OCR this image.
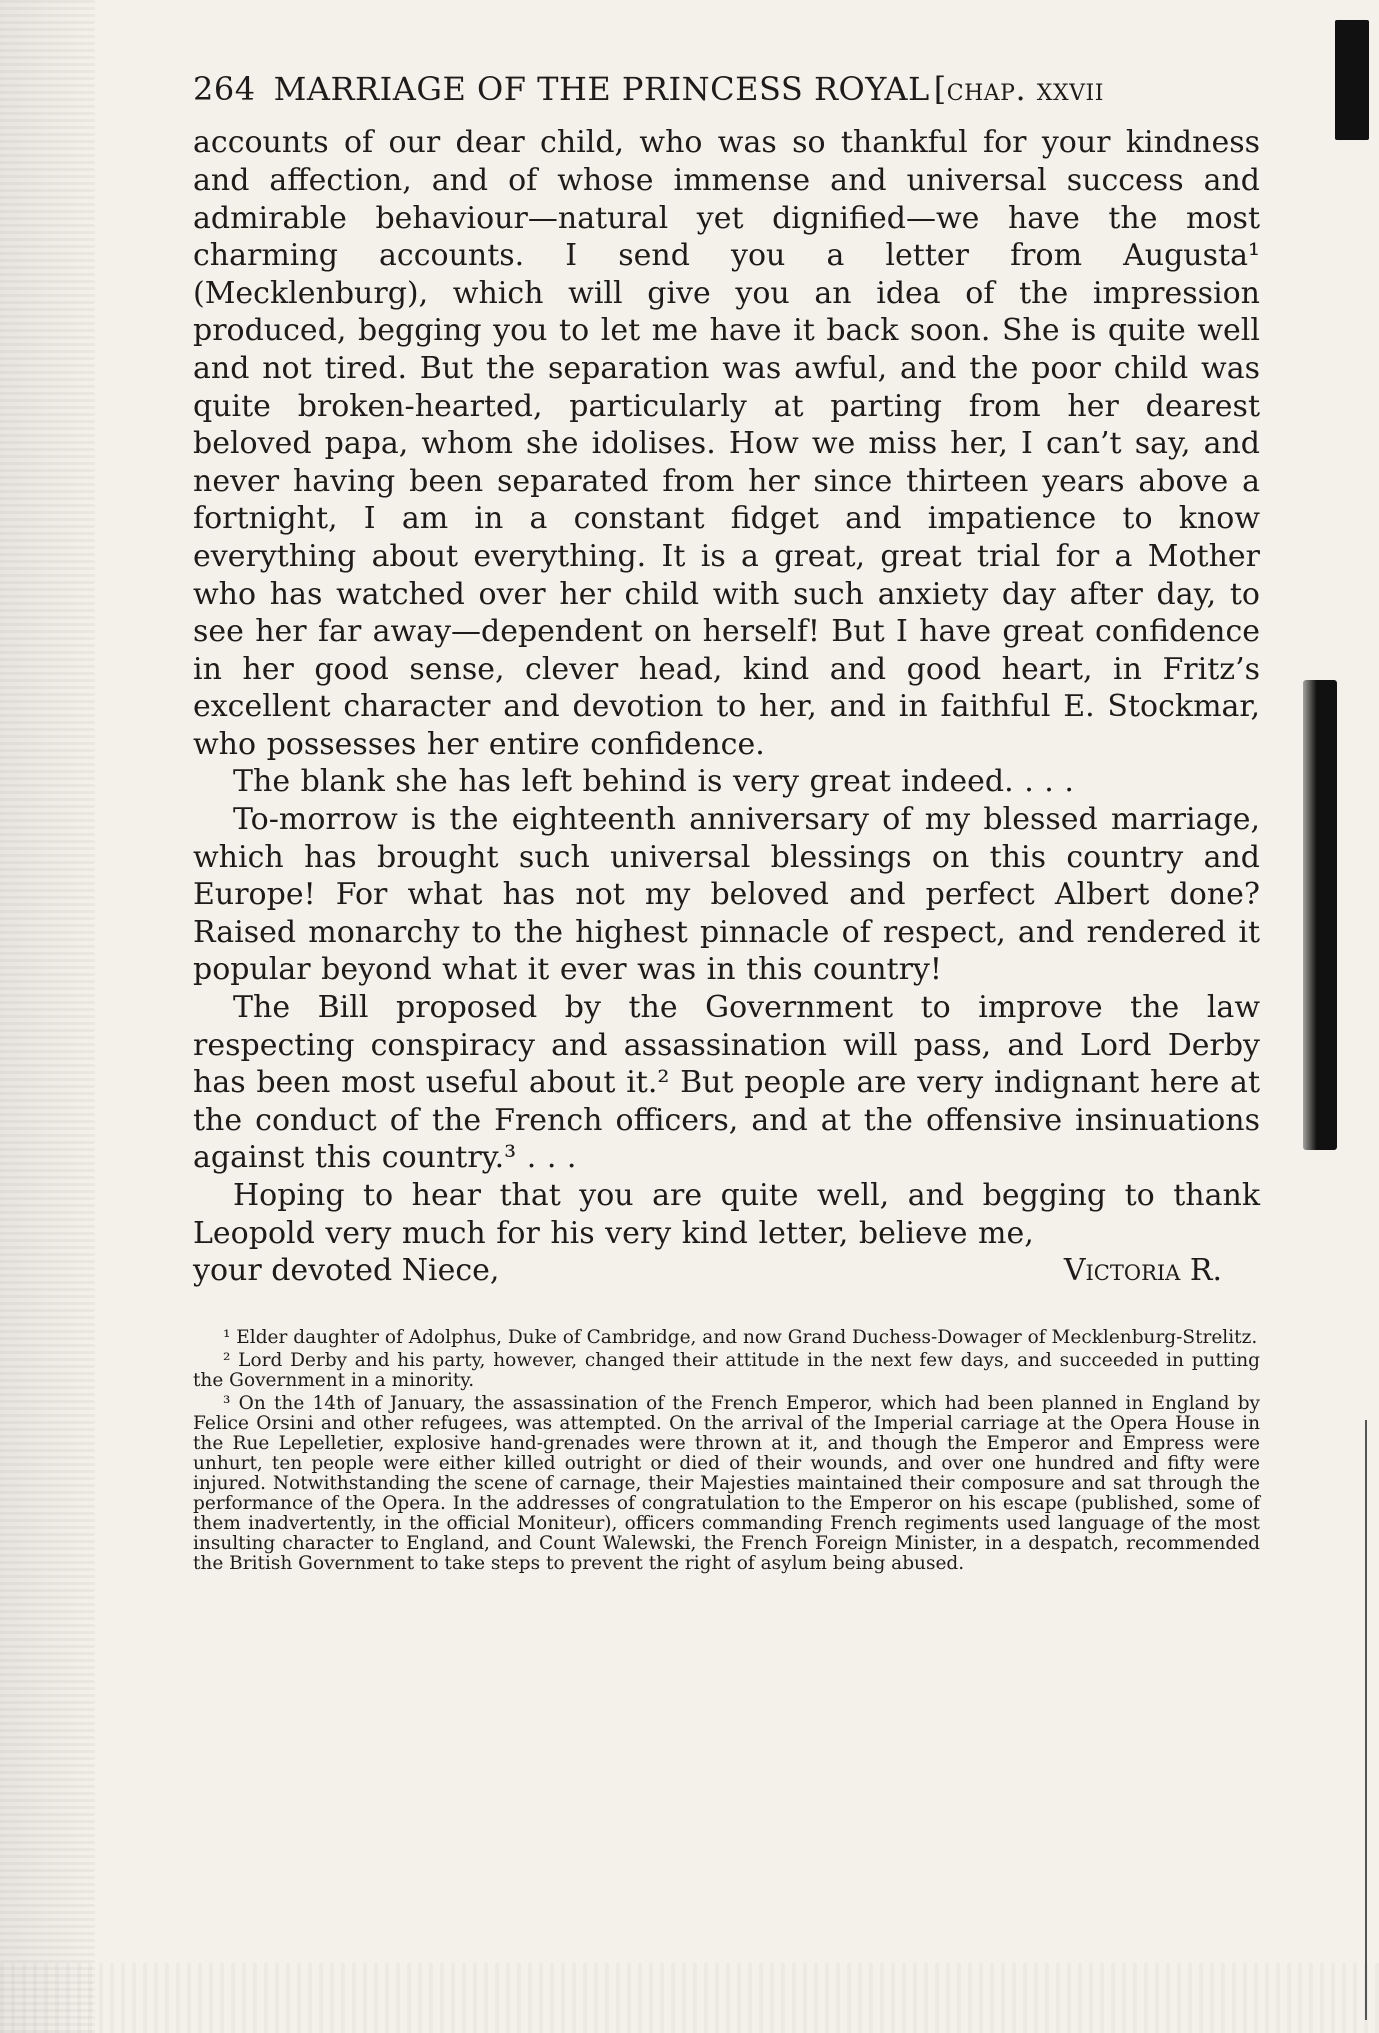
264 MARRIAGE OF THE PRINCESS ROYAL [chap. xxvii

accounts of our dear child, who was so thankful for your kindness and affection, and of whose immense and universal success and admirable behaviour—natural yet dignified—we have the most charming accounts. I send you a letter from Augusta¹ (Mecklenburg), which will give you an idea of the impression produced, begging you to let me have it back soon. She is quite well and not tired. But the separation was awful, and the poor child was quite broken-hearted, particularly at parting from her dearest beloved papa, whom she idolises. How we miss her, I can’t say, and never having been separated from her since thirteen years above a fortnight, I am in a constant fidget and impatience to know everything about everything. It is a great, great trial for a Mother who has watched over her child with such anxiety day after day, to see her far away—dependent on herself! But I have great confidence in her good sense, clever head, kind and good heart, in Fritz’s excellent character and devotion to her, and in faithful E. Stockmar, who possesses her entire confidence.

The blank she has left behind is very great indeed. . . .

To-morrow is the eighteenth anniversary of my blessed marriage, which has brought such universal blessings on this country and Europe! For what has not my beloved and perfect Albert done? Raised monarchy to the highest pinnacle of respect, and rendered it popular beyond what it ever was in this country!

The Bill proposed by the Government to improve the law respecting conspiracy and assassination will pass, and Lord Derby has been most useful about it.² But people are very indignant here at the conduct of the French officers, and at the offensive insinuations against this country.³ . . .

Hoping to hear that you are quite well, and begging to thank Leopold very much for his very kind letter, believe me,

your devoted Niece,	Victoria R.

¹ Elder daughter of Adolphus, Duke of Cambridge, and now Grand Duchess-Dowager of Mecklenburg-Strelitz.

² Lord Derby and his party, however, changed their attitude in the next few days, and succeeded in putting the Government in a minority.

³ On the 14th of January, the assassination of the French Emperor, which had been planned in England by Felice Orsini and other refugees, was attempted. On the arrival of the Imperial carriage at the Opera House in the Rue Lepelletier, explosive hand-grenades were thrown at it, and though the Emperor and Empress were unhurt, ten people were either killed outright or died of their wounds, and over one hundred and fifty were injured. Notwithstanding the scene of carnage, their Majesties maintained their composure and sat through the performance of the Opera. In the addresses of congratulation to the Emperor on his escape (published, some of them inadvertently, in the official Moniteur), officers commanding French regiments used language of the most insulting character to England, and Count Walewski, the French Foreign Minister, in a despatch, recommended the British Government to take steps to prevent the right of asylum being abused.
